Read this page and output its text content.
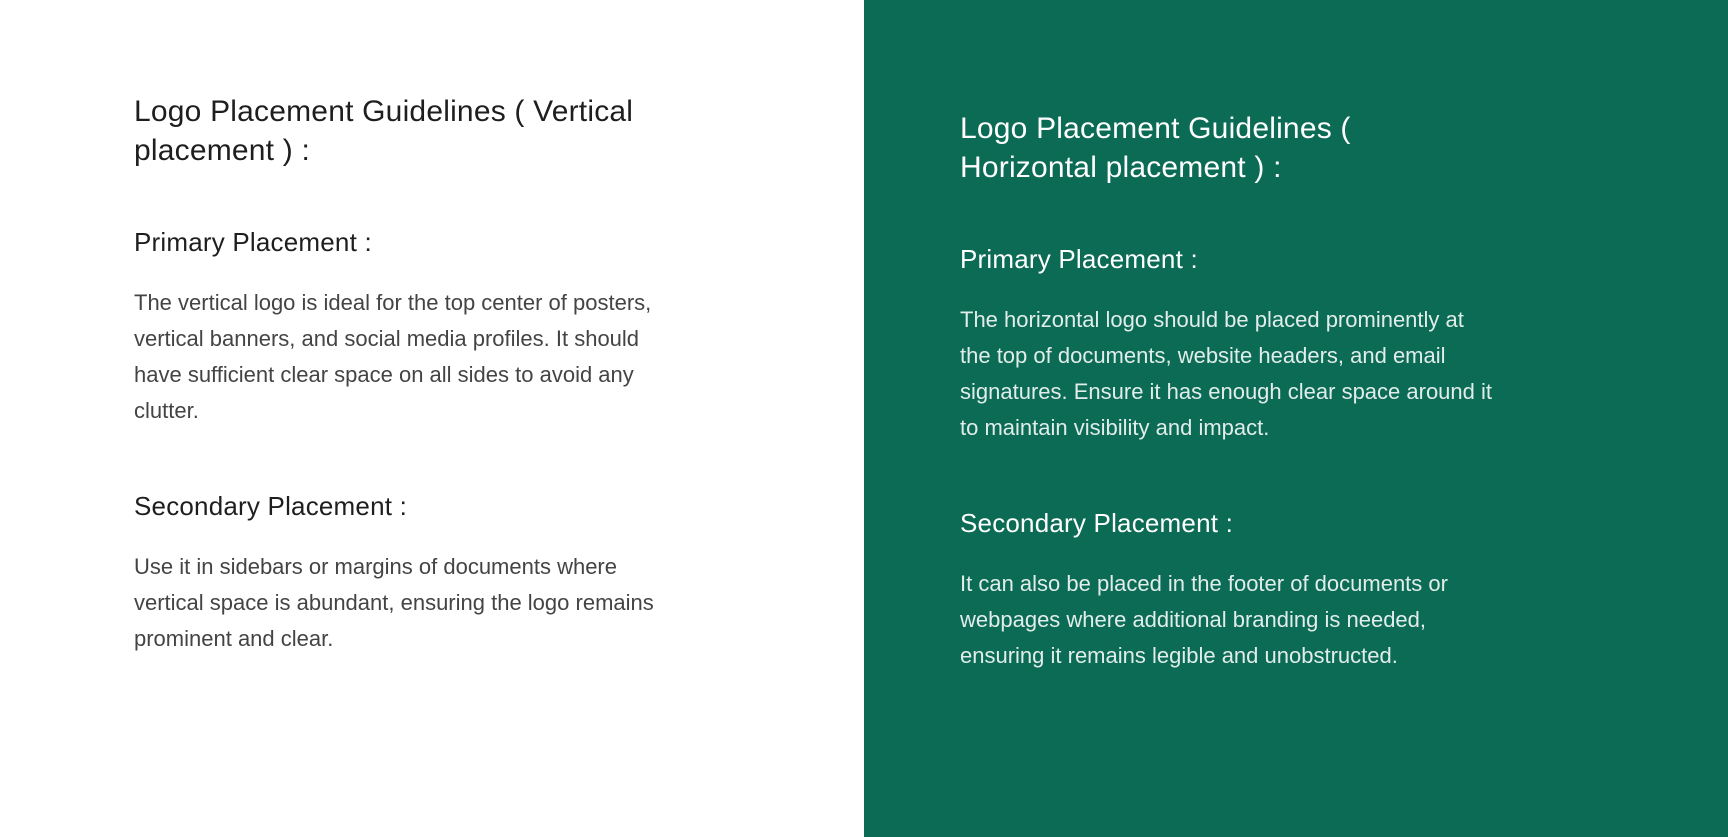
Logo Placement Guidelines ( Vertical placement ) :
Primary Placement :

The vertical logo is ideal for the top center of posters, vertical banners, and social media profiles. It should have sufficient clear space on all sides to avoid any clutter.

Secondary Placement :

Use it in sidebars or margins of documents where vertical space is abundant, ensuring the logo remains prominent and clear.

Logo Placement Guidelines ( Horizontal placement ) :
Primary Placement :

The horizontal logo should be placed prominently at the top of documents, website headers, and email signatures. Ensure it has enough clear space around it to maintain visibility and impact.

Secondary Placement :

It can also be placed in the footer of documents or webpages where additional branding is needed, ensuring it remains legible and unobstructed.
